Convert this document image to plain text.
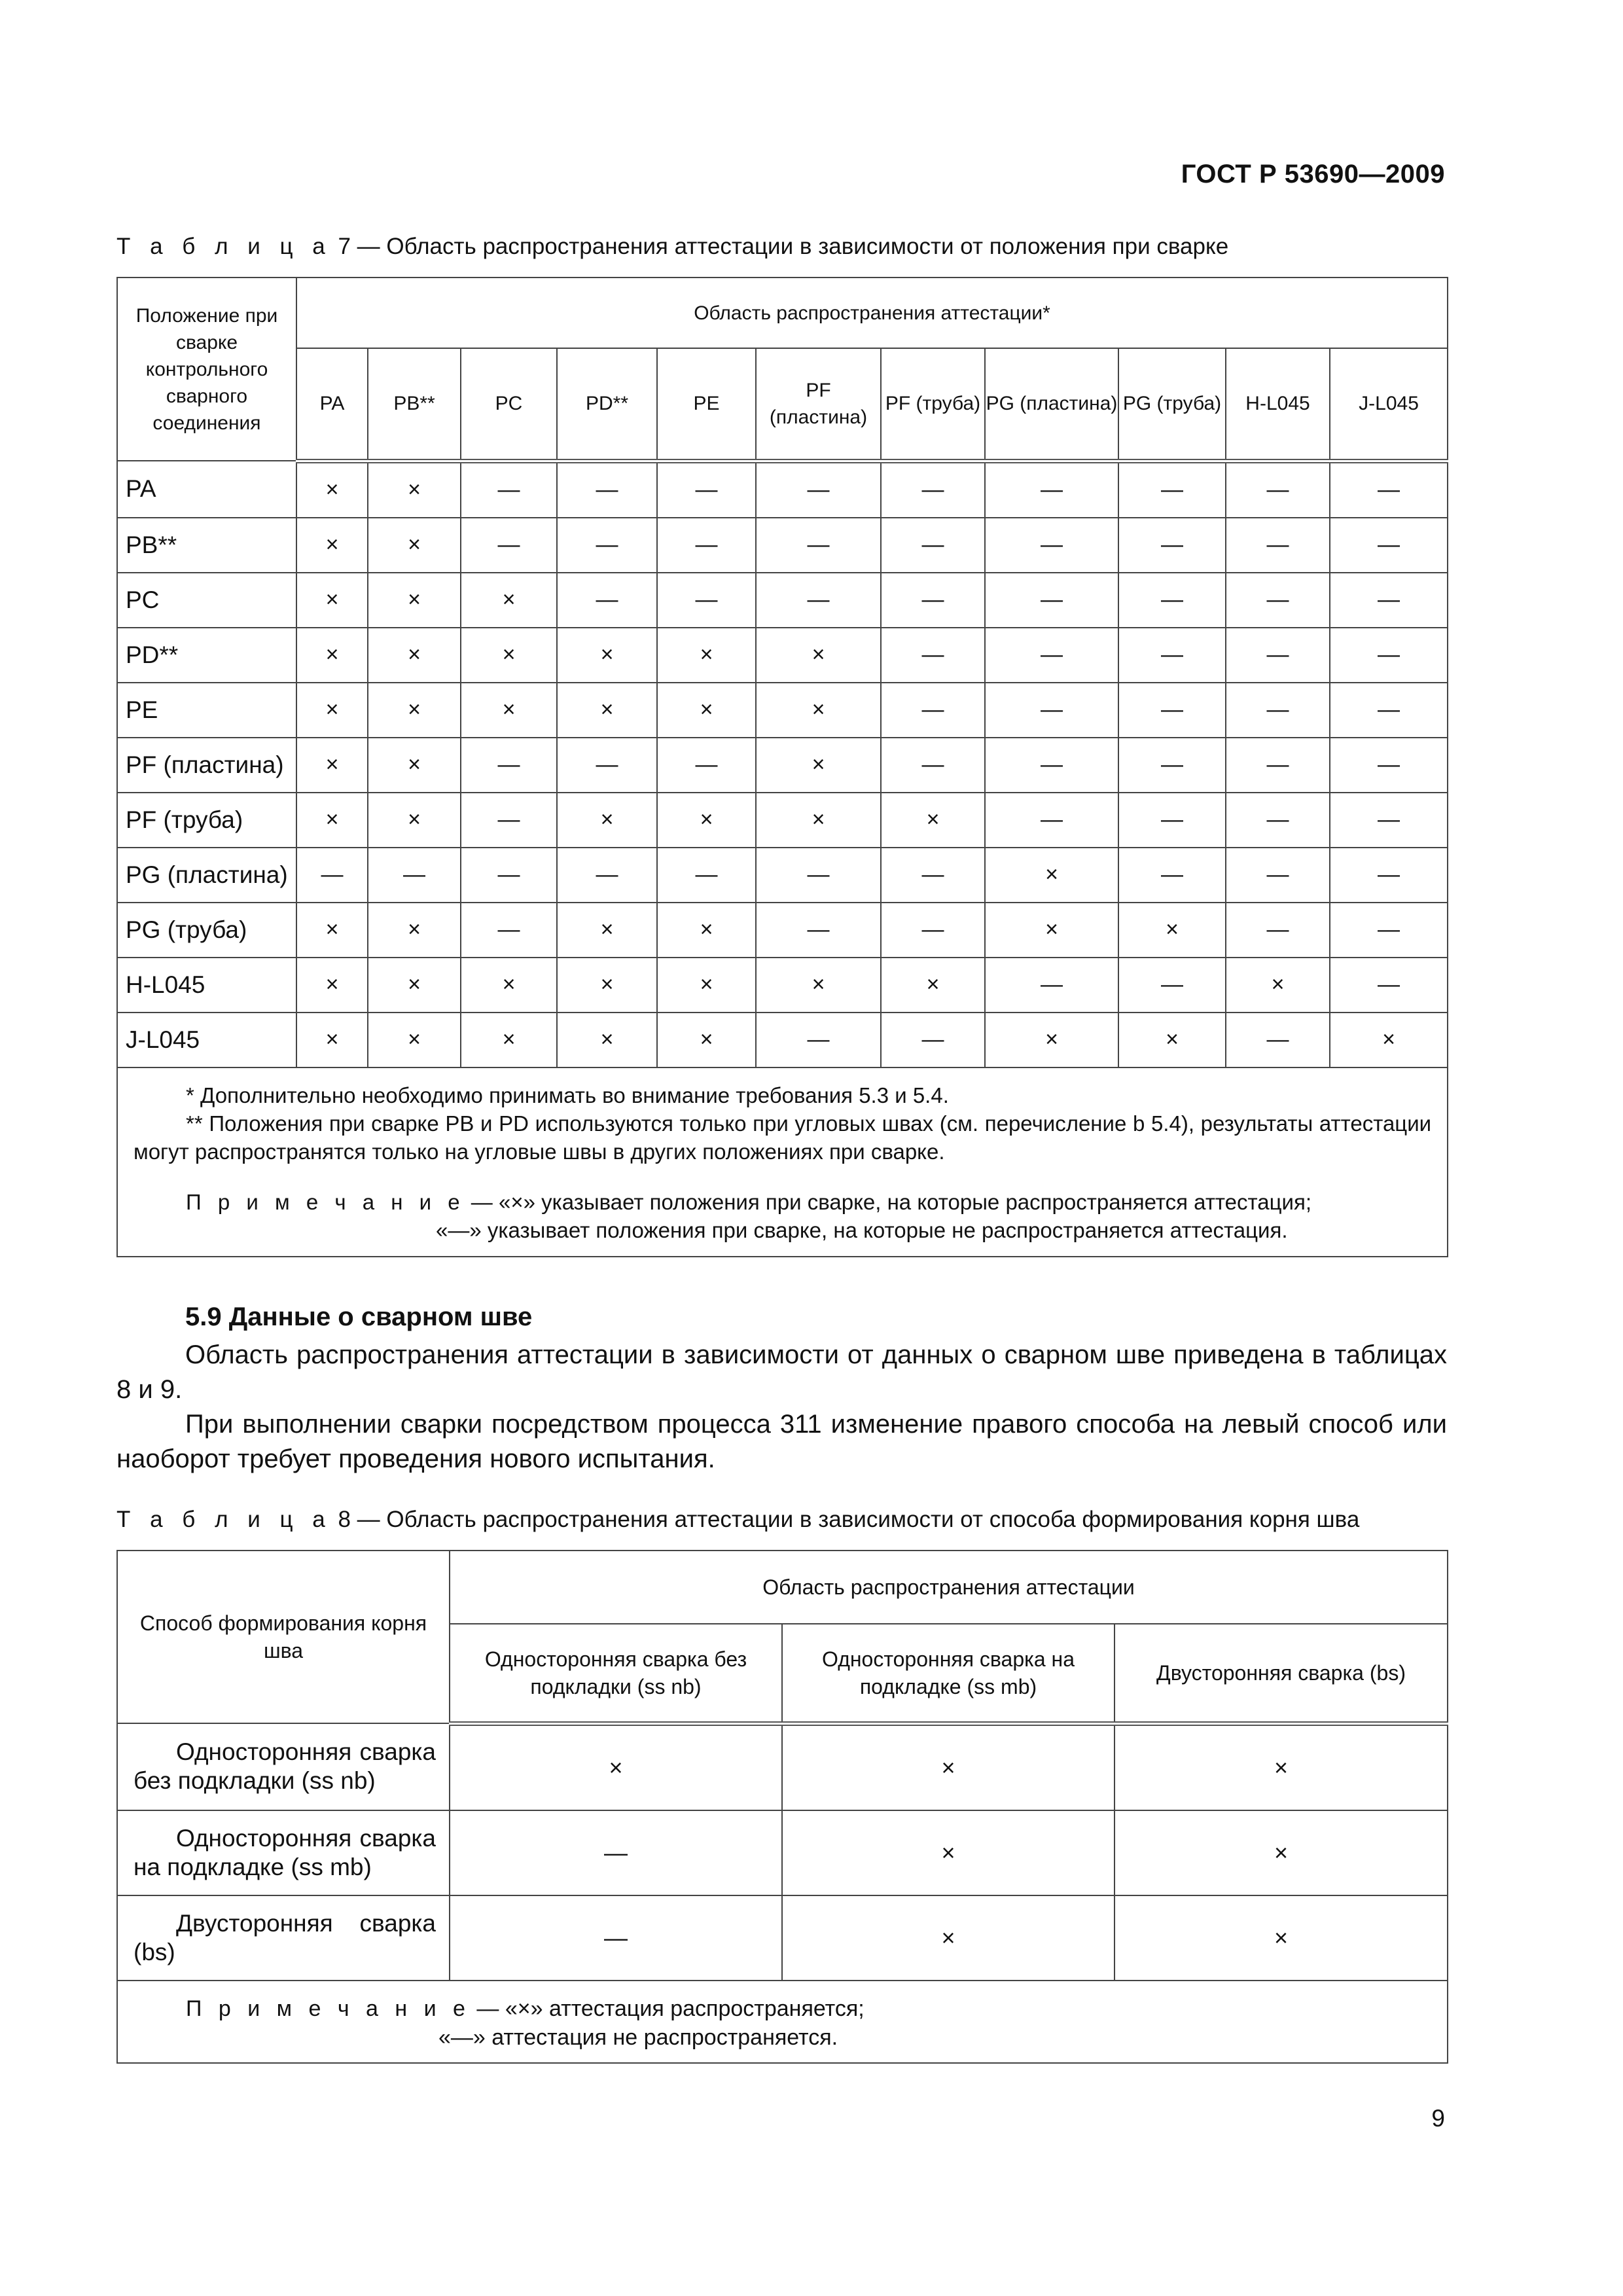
ГОСТ Р 53690—2009
Т а б л и ц а 7 — Область распространения аттестации в зависимости от положения при сварке
Положение при сварке контрольного сварного соединения	Область распространения аттестации*										
	PA	PB**	PC	PD**	PE	PF (пластина)	PF (труба)	PG (пластина)	PG (труба)	H-L045	J-L045
PA	×	×	—	—	—	—	—	—	—	—	—
PB**	×	×	—	—	—	—	—	—	—	—	—
PC	×	×	×	—	—	—	—	—	—	—	—
PD**	×	×	×	×	×	×	—	—	—	—	—
PE	×	×	×	×	×	×	—	—	—	—	—
PF (пластина)	×	×	—	—	—	×	—	—	—	—	—
PF (труба)	×	×	—	×	×	×	×	—	—	—	—
PG (пластина)	—	—	—	—	—	—	—	×	—	—	—
PG (труба)	×	×	—	×	×	—	—	×	×	—	—
H-L045	×	×	×	×	×	×	×	—	—	×	—
J-L045	×	×	×	×	×	—	—	×	×	—	×

* Дополнительно необходимо принимать во внимание требования 5.3 и 5.4.

** Положения при сварке PB и PD используются только при угловых швах (см. перечисление b 5.4), результаты аттестации могут распространятся только на угловые швы в других положениях при сварке.

П р и м е ч а н и е — «×» указывает положения при сварке, на которые распространяется аттестация;

«—» указывает положения при сварке, на которые не распространяется аттестация.											

5.9 Данные о сварном шве

Область распространения аттестации в зависимости от данных о сварном шве приведена в таблицах 8 и 9.

При выполнении сварки посредством процесса 311 изменение правого способа на левый способ или наоборот требует проведения нового испытания.

Т а б л и ц а 8 — Область распространения аттестации в зависимости от способа формирования корня шва
Способ формирования корня шва	Область распространения аттестации		
	Односторонняя сварка без подкладки (ss nb)	Односторонняя сварка на подкладке (ss mb)	Двусторонняя сварка (bs)

Односторонняя сварка без подкладки (ss nb)	×	×	×

Односторонняя сварка на подкладке (ss mb)	—	×	×

Двусторонняя сварка (bs)	—	×	×

П р и м е ч а н и е — «×» аттестация распространяется;

«—» аттестация не распространяется.			

9
